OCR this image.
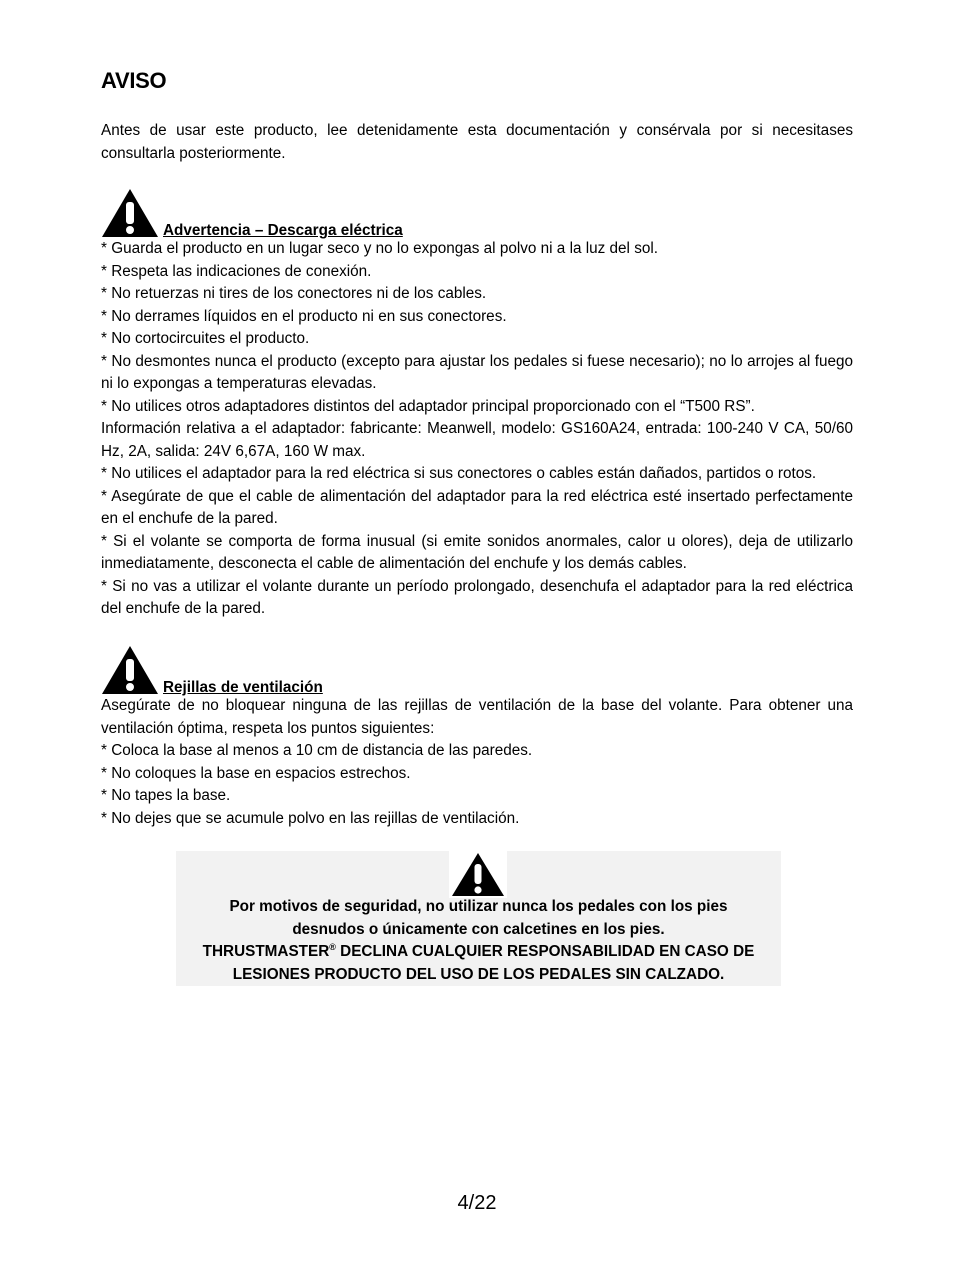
AVISO

Antes de usar este producto, lee detenidamente esta documentación y consérvala por si necesitases consultarla posteriormente.

Advertencia – Descarga eléctrica

* Guarda el producto en un lugar seco y no lo expongas al polvo ni a la luz del sol.

* Respeta las indicaciones de conexión.

* No retuerzas ni tires de los conectores ni de los cables.

* No derrames líquidos en el producto ni en sus conectores.

* No cortocircuites el producto.

* No desmontes nunca el producto (excepto para ajustar los pedales si fuese necesario); no lo arrojes al fuego ni lo expongas a temperaturas elevadas.

* No utilices otros adaptadores distintos del adaptador principal proporcionado con el “T500 RS”.

Información relativa a el adaptador: fabricante: Meanwell, modelo: GS160A24, entrada: 100-240 V CA, 50/60 Hz, 2A, salida: 24V 6,67A, 160 W max.

* No utilices el adaptador para la red eléctrica si sus conectores o cables están dañados, partidos o rotos.

* Asegúrate de que el cable de alimentación del adaptador para la red eléctrica esté insertado perfectamente en el enchufe de la pared.

* Si el volante se comporta de forma inusual (si emite sonidos anormales, calor u olores), deja de utilizarlo inmediatamente, desconecta el cable de alimentación del enchufe y los demás cables.

* Si no vas a utilizar el volante durante un período prolongado, desenchufa el adaptador para la red eléctrica del enchufe de la pared.

Rejillas de ventilación

Asegúrate de no bloquear ninguna de las rejillas de ventilación de la base del volante. Para obtener una ventilación óptima, respeta los puntos siguientes:

* Coloca la base al menos a 10 cm de distancia de las paredes.

* No coloques la base en espacios estrechos.

* No tapes la base.

* No dejes que se acumule polvo en las rejillas de ventilación.

Por motivos de seguridad, no utilizar nunca los pedales con los pies

desnudos o únicamente con calcetines en los pies.

THRUSTMASTER® DECLINA CUALQUIER RESPONSABILIDAD EN CASO DE

LESIONES PRODUCTO DEL USO DE LOS PEDALES SIN CALZADO.

4/22
